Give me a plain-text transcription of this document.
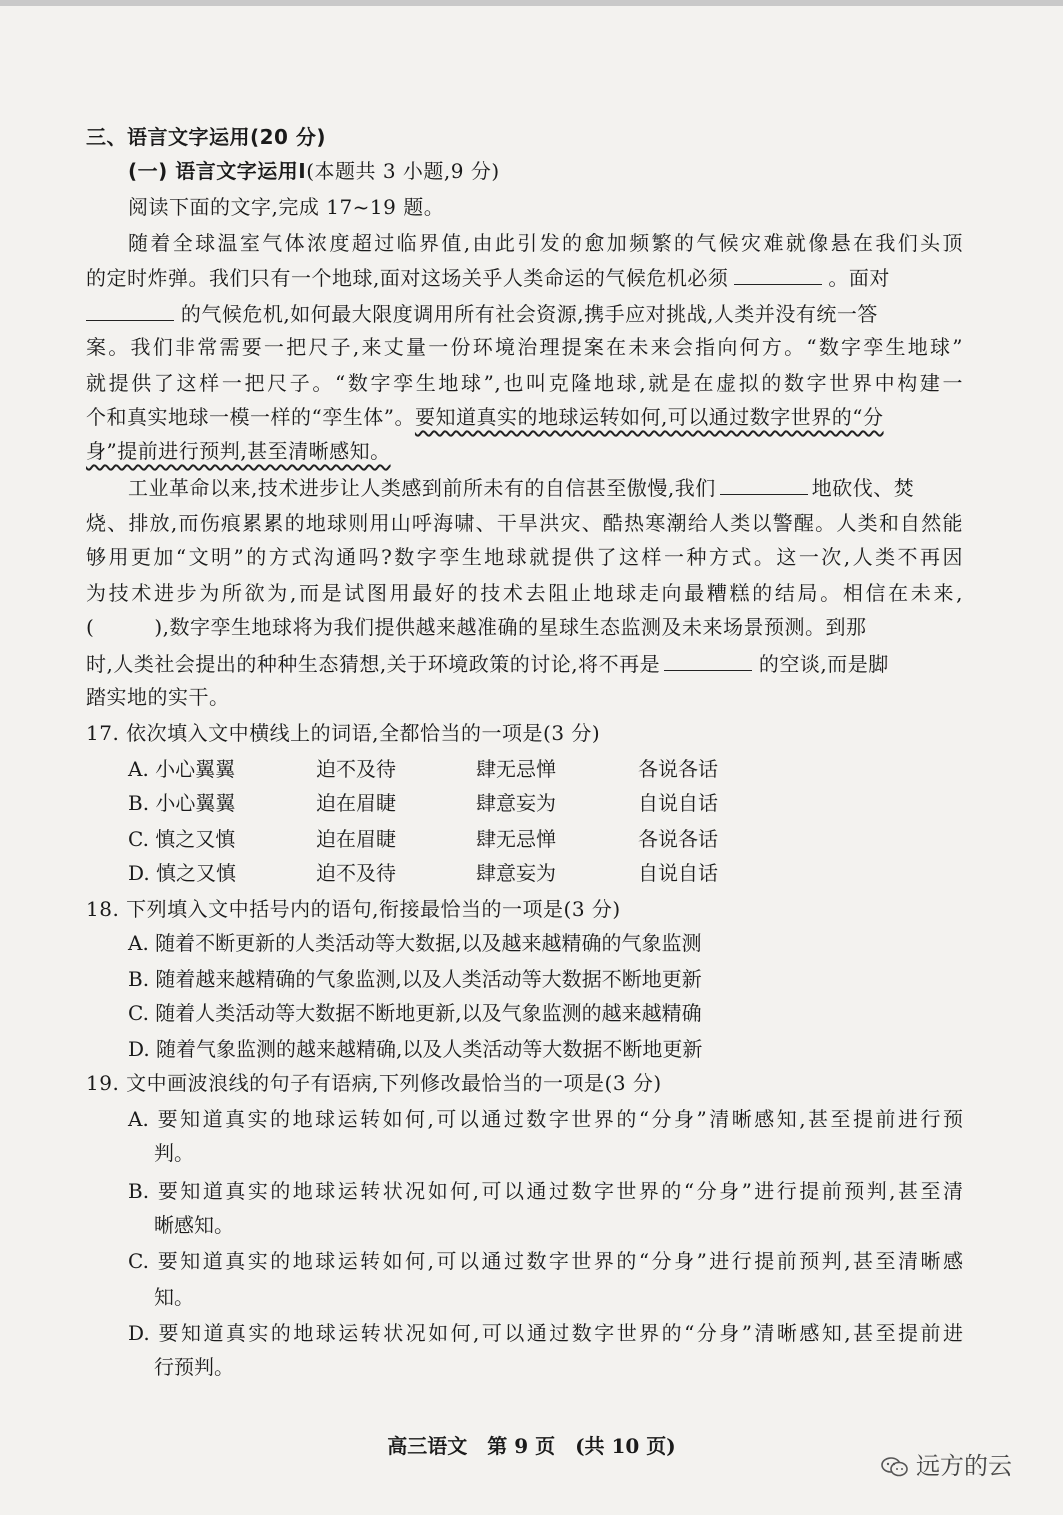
三、语言文字运用(20 分)
(一) 语言文字运用Ⅰ(本题共 3 小题,9 分)
阅读下面的文字,完成 17~19 题。
随着全球温室气体浓度超过临界值,由此引发的愈加频繁的气候灾难就像悬在我们头顶
的定时炸弹。我们只有一个地球,面对这场关乎人类命运的气候危机必须	。面对
的气候危机,如何最大限度调用所有社会资源,携手应对挑战,人类并没有统一答
案。我们非常需要一把尺子,来丈量一份环境治理提案在未来会指向何方。“数字孪生地球”
就提供了这样一把尺子。“数字孪生地球”,也叫克隆地球,就是在虚拟的数字世界中构建一
个和真实地球一模一样的“孪生体”。要知道真实的地球运转如何,可以通过数字世界的“分
身”提前进行预判,甚至清晰感知。
工业革命以来,技术进步让人类感到前所未有的自信甚至傲慢,我们	地砍伐、焚
烧、排放,而伤痕累累的地球则用山呼海啸、干旱洪灾、酷热寒潮给人类以警醒。人类和自然能
够用更加“文明”的方式沟通吗?数字孪生地球就提供了这样一种方式。这一次,人类不再因
为技术进步为所欲为,而是试图用最好的技术去阻止地球走向最糟糕的结局。相信在未来,
(	),数字孪生地球将为我们提供越来越准确的星球生态监测及未来场景预测。到那
时,人类社会提出的种种生态猜想,关于环境政策的讨论,将不再是	的空谈,而是脚
踏实地的实干。
17. 依次填入文中横线上的词语,全都恰当的一项是(3 分)
A. 小心翼翼	迫不及待	肆无忌惮	各说各话
B. 小心翼翼	迫在眉睫	肆意妄为	自说自话
C. 慎之又慎	迫在眉睫	肆无忌惮	各说各话
D. 慎之又慎	迫不及待	肆意妄为	自说自话
18. 下列填入文中括号内的语句,衔接最恰当的一项是(3 分)
A. 随着不断更新的人类活动等大数据,以及越来越精确的气象监测
B. 随着越来越精确的气象监测,以及人类活动等大数据不断地更新
C. 随着人类活动等大数据不断地更新,以及气象监测的越来越精确
D. 随着气象监测的越来越精确,以及人类活动等大数据不断地更新
19. 文中画波浪线的句子有语病,下列修改最恰当的一项是(3 分)
A. 要知道真实的地球运转如何,可以通过数字世界的“分身”清晰感知,甚至提前进行预
判。
B. 要知道真实的地球运转状况如何,可以通过数字世界的“分身”进行提前预判,甚至清
晰感知。
C. 要知道真实的地球运转如何,可以通过数字世界的“分身”进行提前预判,甚至清晰感
知。
D. 要知道真实的地球运转状况如何,可以通过数字世界的“分身”清晰感知,甚至提前进
行预判。
高三语文 第 9 页 (共 10 页)
远方的云
